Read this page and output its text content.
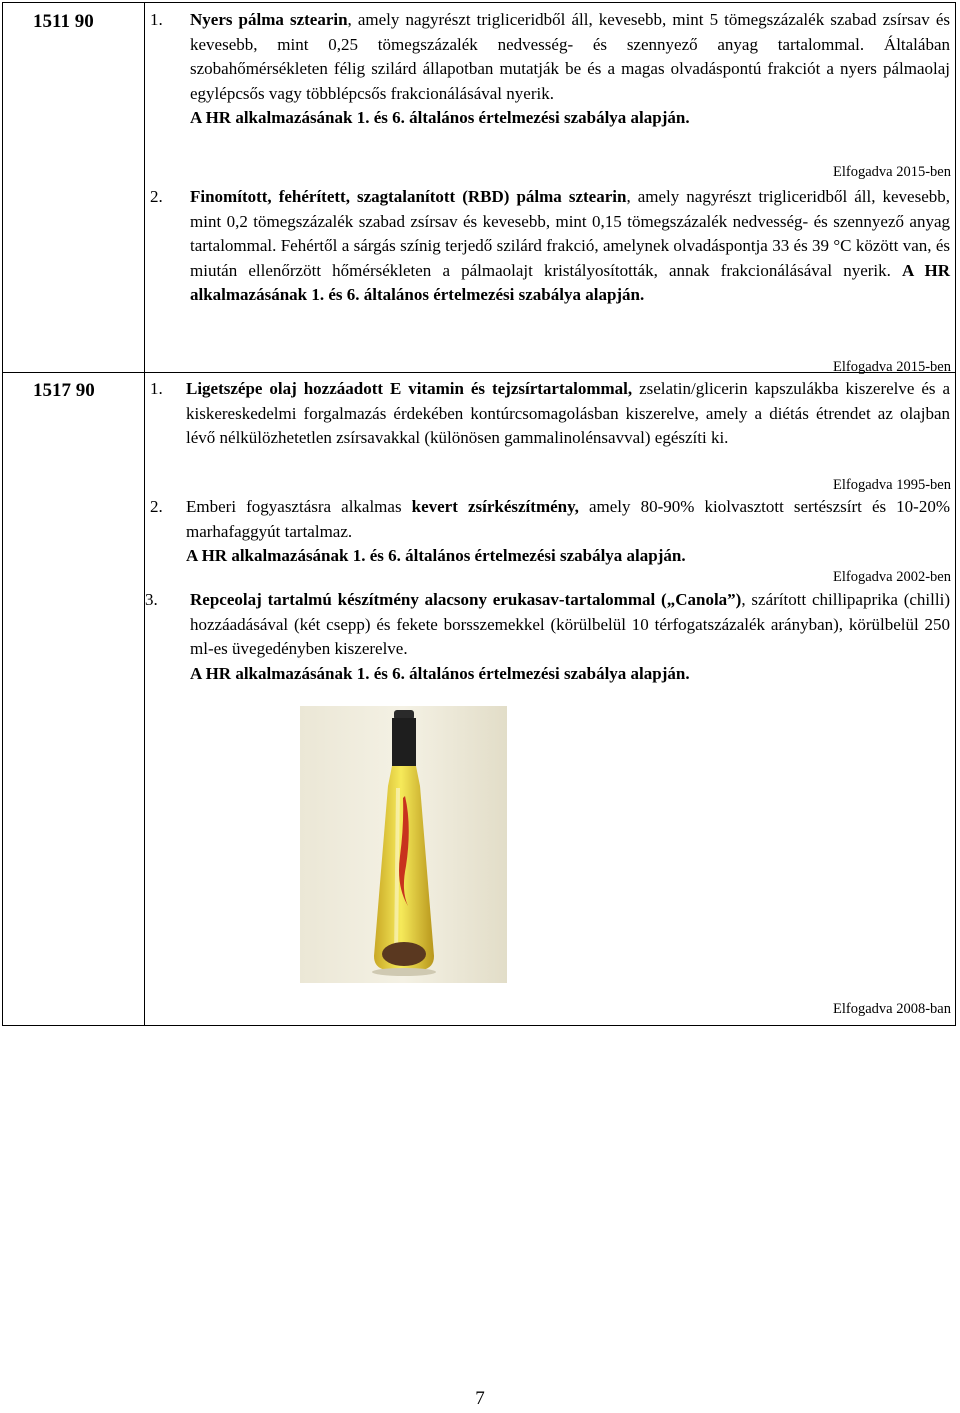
1511 90	1. Nyers pálma sztearin, amely nagyrészt trigliceridből áll, kevesebb, mint 5 tömegszázalék szabad zsírsav és kevesebb, mint 0,25 tömegszázalék nedvesség- és szennyező anyag tartalommal. Általában szobahőmérsékleten félig szilárd állapotban mutatják be és a magas olvadáspontú frakciót a nyers pálmaolaj egylépcsős vagy többlépcsős frakcionálásával nyerik.
A HR alkalmazásának 1. és 6. általános értelmezési szabálya alapján.
Elfogadva 2015-ben
2. Finomított, fehérített, szagtalanított (RBD) pálma sztearin, amely nagyrészt trigliceridből áll, kevesebb, mint 0,2 tömegszázalék szabad zsírsav és kevesebb, mint 0,15 tömegszázalék nedvesség- és szennyező anyag tartalommal. Fehértől a sárgás színig terjedő szilárd frakció, amelynek olvadáspontja 33 és 39 °C között van, és miután ellenőrzött hőmérsékleten a pálmaolajt kristályosították, annak frakcionálásával nyerik. A HR alkalmazásának 1. és 6. általános értelmezési szabálya alapján.
Elfogadva 2015-ben
1517 90	1. Ligetszépe olaj hozzáadott E vitamin és tejzsírtartalommal, zselatin/glicerin kapszulákba kiszerelve és a kiskereskedelmi forgalmazás érdekében kontúrcsomagolásban kiszerelve, amely a diétás étrendet az olajban lévő nélkülözhetetlen zsírsavakkal (különösen gammalinolénsavval) egészíti ki.
Elfogadva 1995-ben
2. Emberi fogyasztásra alkalmas kevert zsírkészítmény, amely 80-90% kiolvasztott sertészsírt és 10-20% marhafaggyút tartalmaz.
A HR alkalmazásának 1. és 6. általános értelmezési szabálya alapján.
Elfogadva 2002-ben
3. Repceolaj tartalmú készítmény alacsony erukasav-tartalommal („Canola”), szárított chillipaprika (chilli) hozzáadásával (két csepp) és fekete borsszemekkel (körülbelül 10 térfogatszázalék arányban), körülbelül 250 ml-es üvegedényben kiszerelve.
A HR alkalmazásának 1. és 6. általános értelmezési szabálya alapján.
Elfogadva 2008-ban
7
